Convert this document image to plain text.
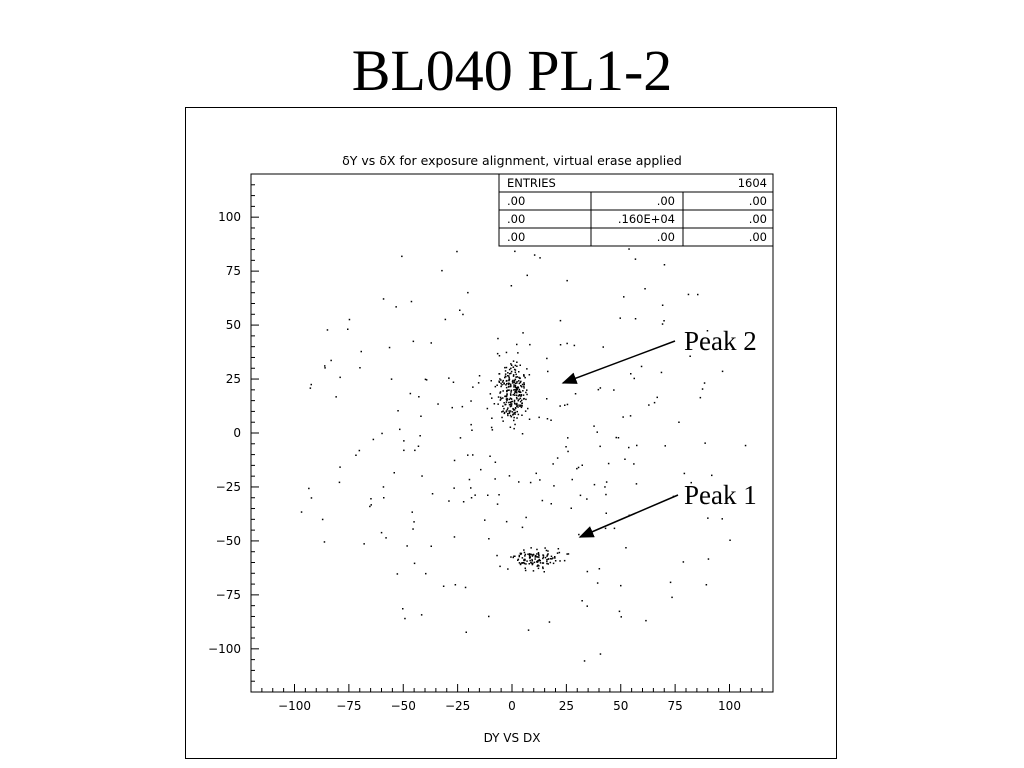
BL040 PL1-2
δY vs δX for exposure alignment, virtual erase applied
−100 −75 −50 −25	0	25	50	75	100
100
75
50
25
0
−25
−50
−75
−100
DY VS DX
ENTRIES	1604
.00	.00	.00
.00	.160E+04	.00
.00	.00	.00
Peak 2
Peak 1
